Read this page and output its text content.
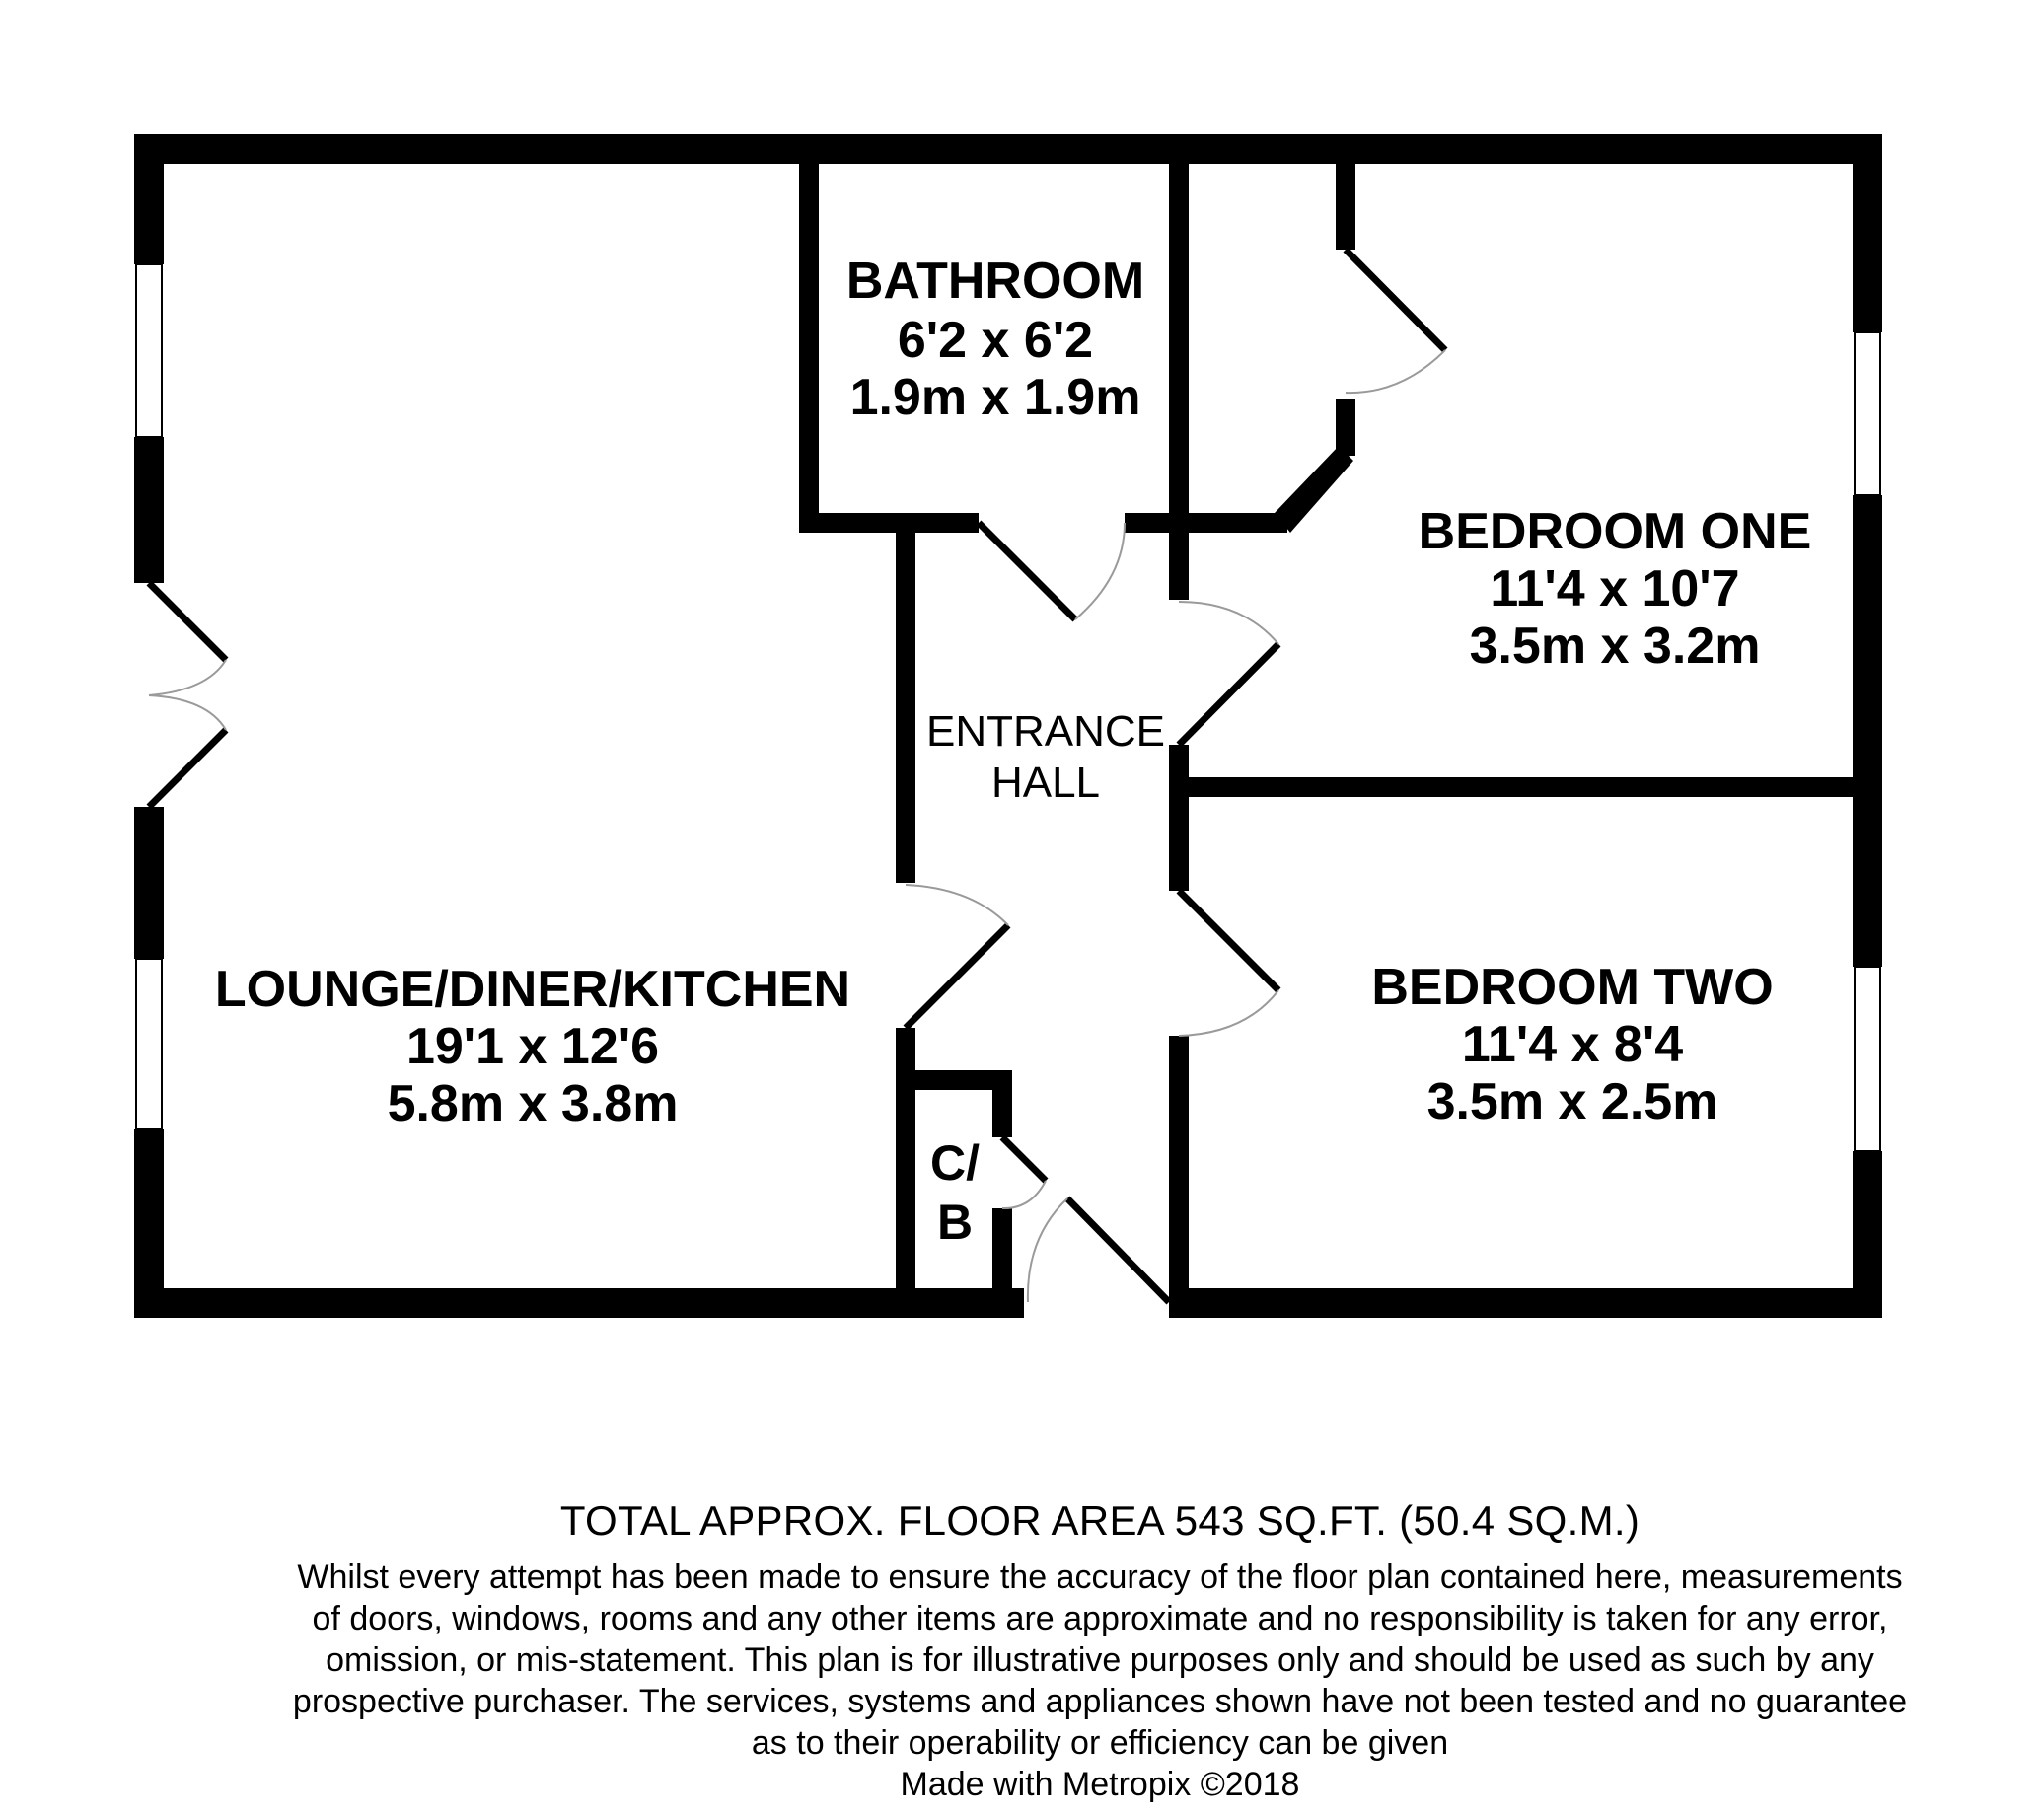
LOUNGE/DINER/KITCHEN
19'1 x 12'6
5.8m x 3.8m
BATHROOM
6'2 x 6'2
1.9m x 1.9m
BEDROOM ONE
11'4 x 10'7
3.5m x 3.2m
BEDROOM TWO
11'4 x 8'4
3.5m x 2.5m
ENTRANCE
HALL
C/
B
TOTAL APPROX. FLOOR AREA 543 SQ.FT. (50.4 SQ.M.)
Whilst every attempt has been made to ensure the accuracy of the floor plan contained here, measurements
of doors, windows, rooms and any other items are approximate and no responsibility is taken for any error,
omission, or mis-statement. This plan is for illustrative purposes only and should be used as such by any
prospective purchaser. The services, systems and appliances shown have not been tested and no guarantee
as to their operability or efficiency can be given
Made with Metropix ©2018
